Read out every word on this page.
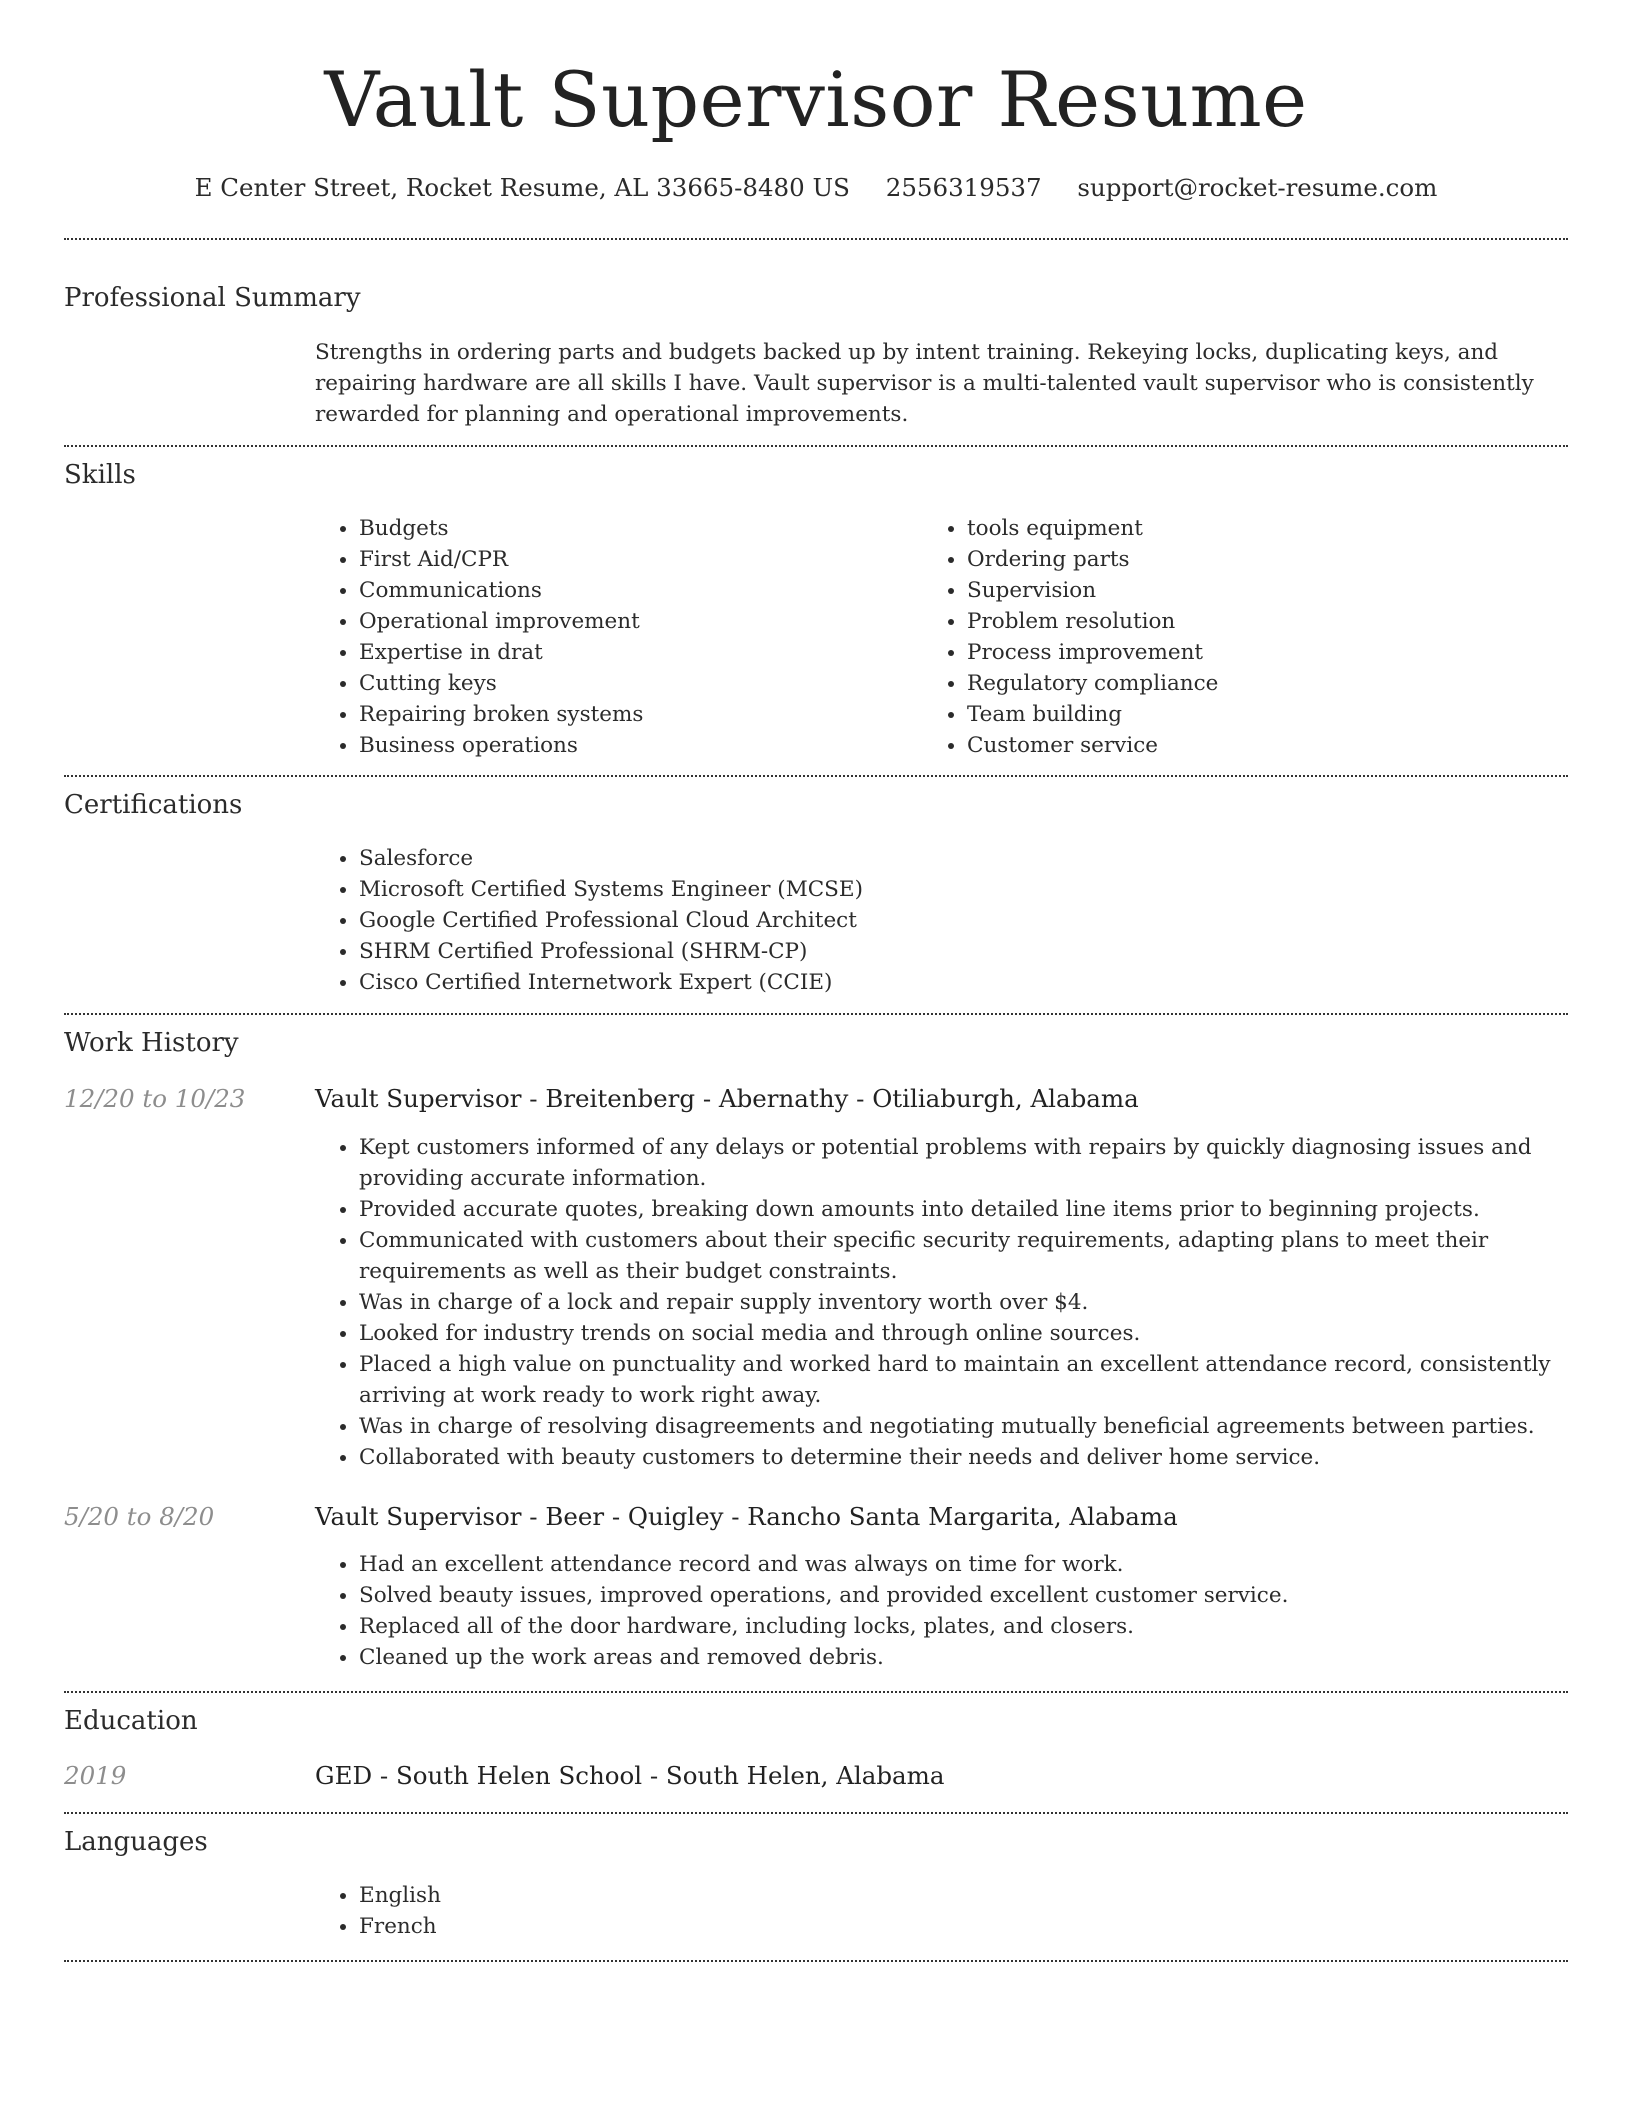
Vault Supervisor Resume
E Center Street, Rocket Resume, AL 33665-8480 US 2556319537 support@rocket-resume.com
Professional Summary
Strengths in ordering parts and budgets backed up by intent training. Rekeying locks, duplicating keys, and repairing hardware are all skills I have. Vault supervisor is a multi-talented vault supervisor who is consistently rewarded for planning and operational improvements.
Skills
• Budgets
• First Aid/CPR
• Communications
• Operational improvement
• Expertise in drat
• Cutting keys
• Repairing broken systems
• Business operations
• tools equipment
• Ordering parts
• Supervision
• Problem resolution
• Process improvement
• Regulatory compliance
• Team building
• Customer service
Certifications
• Salesforce
• Microsoft Certified Systems Engineer (MCSE)
• Google Certified Professional Cloud Architect
• SHRM Certified Professional (SHRM-CP)
• Cisco Certified Internetwork Expert (CCIE)
Work History
12/20 to 10/23	Vault Supervisor - Breitenberg - Abernathy - Otiliaburgh, Alabama
• Kept customers informed of any delays or potential problems with repairs by quickly diagnosing issues and providing accurate information.
• Provided accurate quotes, breaking down amounts into detailed line items prior to beginning projects.
• Communicated with customers about their specific security requirements, adapting plans to meet their requirements as well as their budget constraints.
• Was in charge of a lock and repair supply inventory worth over $4.
• Looked for industry trends on social media and through online sources.
• Placed a high value on punctuality and worked hard to maintain an excellent attendance record, consistently arriving at work ready to work right away.
• Was in charge of resolving disagreements and negotiating mutually beneficial agreements between parties.
• Collaborated with beauty customers to determine their needs and deliver home service.
5/20 to 8/20	Vault Supervisor - Beer - Quigley - Rancho Santa Margarita, Alabama
• Had an excellent attendance record and was always on time for work.
• Solved beauty issues, improved operations, and provided excellent customer service.
• Replaced all of the door hardware, including locks, plates, and closers.
• Cleaned up the work areas and removed debris.
Education
2019	GED - South Helen School - South Helen, Alabama
Languages
• English
• French
